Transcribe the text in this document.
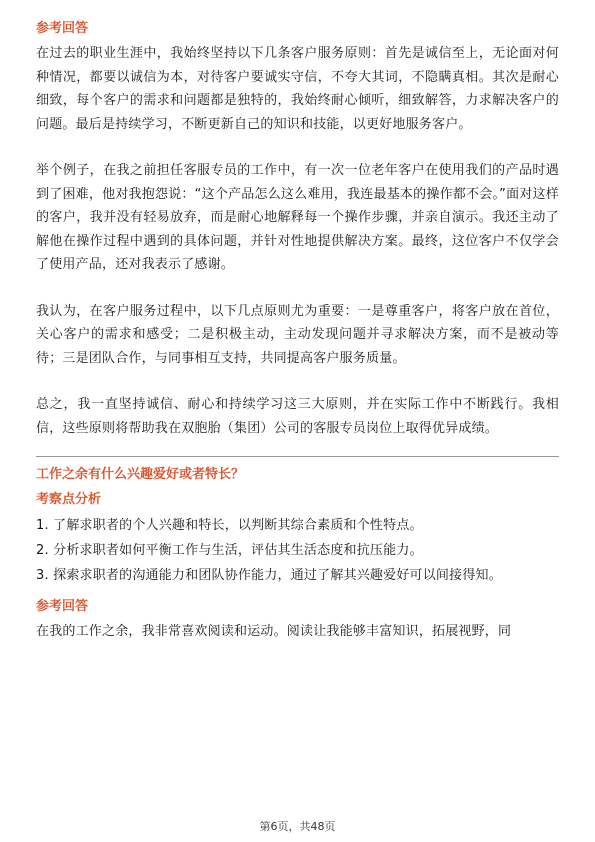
参考回答

在过去的职业生涯中，我始终坚持以下几条客户服务原则：首先是诚信至上，无论面对何种情况，都要以诚信为本，对待客户要诚实守信，不夸大其词，不隐瞒真相。其次是耐心细致，每个客户的需求和问题都是独特的，我始终耐心倾听，细致解答，力求解决客户的问题。最后是持续学习，不断更新自己的知识和技能，以更好地服务客户。

举个例子，在我之前担任客服专员的工作中，有一次一位老年客户在使用我们的产品时遇到了困难，他对我抱怨说：“这个产品怎么这么难用，我连最基本的操作都不会。”面对这样的客户，我并没有轻易放弃，而是耐心地解释每一个操作步骤，并亲自演示。我还主动了解他在操作过程中遇到的具体问题，并针对性地提供解决方案。最终，这位客户不仅学会了使用产品，还对我表示了感谢。

我认为，在客户服务过程中，以下几点原则尤为重要：一是尊重客户，将客户放在首位，关心客户的需求和感受；二是积极主动，主动发现问题并寻求解决方案，而不是被动等待；三是团队合作，与同事相互支持，共同提高客户服务质量。

总之，我一直坚持诚信、耐心和持续学习这三大原则，并在实际工作中不断践行。我相信，这些原则将帮助我在双胞胎（集团）公司的客服专员岗位上取得优异成绩。

工作之余有什么兴趣爱好或者特长？
考察点分析
1. 了解求职者的个人兴趣和特长，以判断其综合素质和个性特点。
2. 分析求职者如何平衡工作与生活，评估其生活态度和抗压能力。
3. 探索求职者的沟通能力和团队协作能力，通过了解其兴趣爱好可以间接得知。
参考回答

在我的工作之余，我非常喜欢阅读和运动。阅读让我能够丰富知识，拓展视野，同

第6页，共48页
